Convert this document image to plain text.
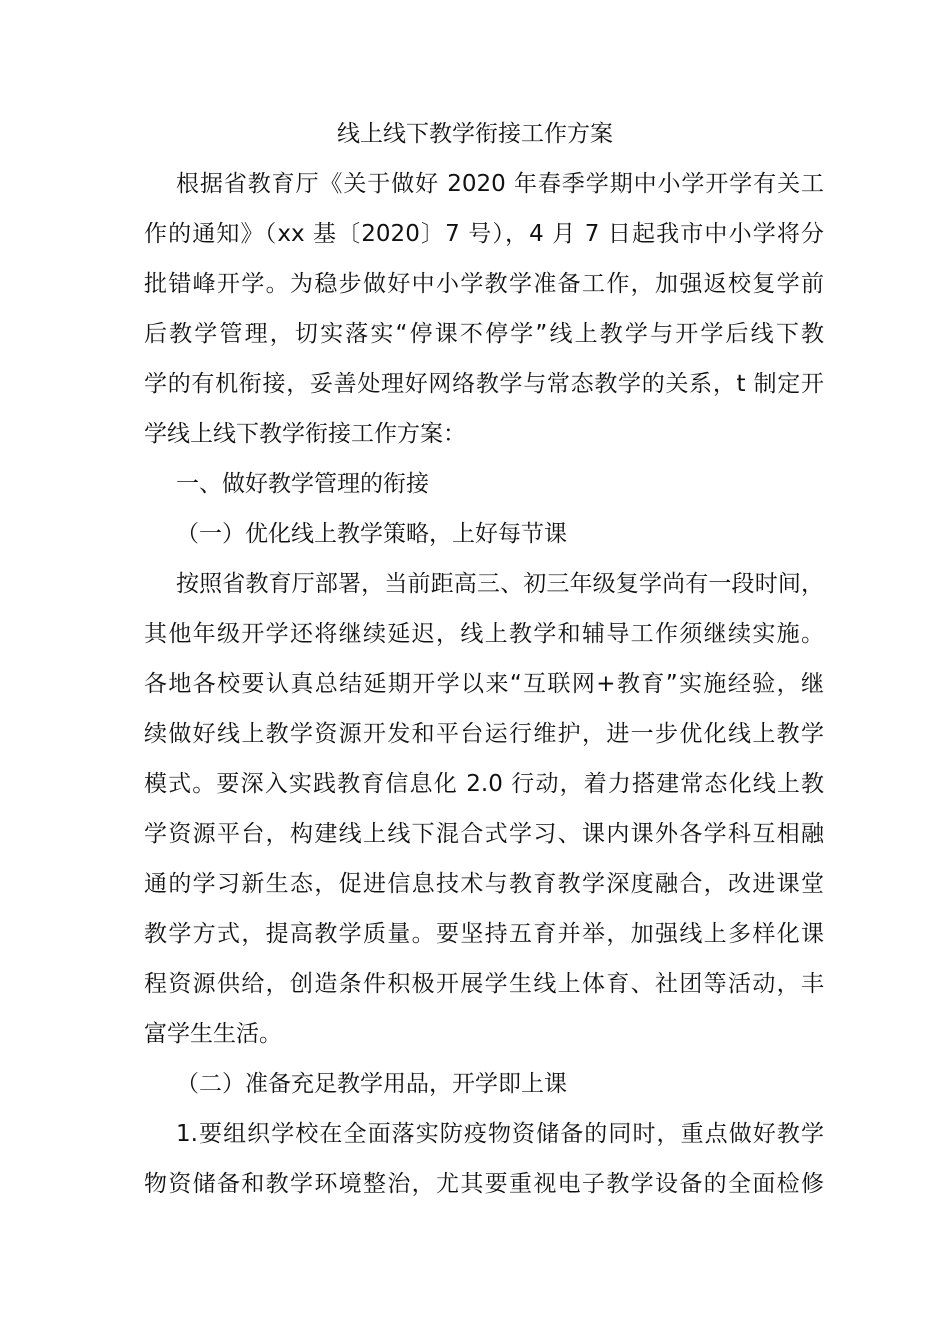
线上线下教学衔接工作方案
根据省教育厅《关于做好 2020 年春季学期中小学开学有关工
作的通知》（xx 基〔2020〕7 号），4 月 7 日起我市中小学将分
批错峰开学。为稳步做好中小学教学准备工作，加强返校复学前
后教学管理，切实落实“停课不停学”线上教学与开学后线下教
学的有机衔接，妥善处理好网络教学与常态教学的关系，t 制定开
学线上线下教学衔接工作方案：
一、做好教学管理的衔接
（一）优化线上教学策略，上好每节课
按照省教育厅部署，当前距高三、初三年级复学尚有一段时间，
其他年级开学还将继续延迟，线上教学和辅导工作须继续实施。
各地各校要认真总结延期开学以来“互联网+教育”实施经验，继
续做好线上教学资源开发和平台运行维护，进一步优化线上教学
模式。要深入实践教育信息化 2.0 行动，着力搭建常态化线上教
学资源平台，构建线上线下混合式学习、课内课外各学科互相融
通的学习新生态，促进信息技术与教育教学深度融合，改进课堂
教学方式，提高教学质量。要坚持五育并举，加强线上多样化课
程资源供给，创造条件积极开展学生线上体育、社团等活动，丰
富学生生活。
（二）准备充足教学用品，开学即上课
1.要组织学校在全面落实防疫物资储备的同时，重点做好教学
物资储备和教学环境整治，尤其要重视电子教学设备的全面检修
